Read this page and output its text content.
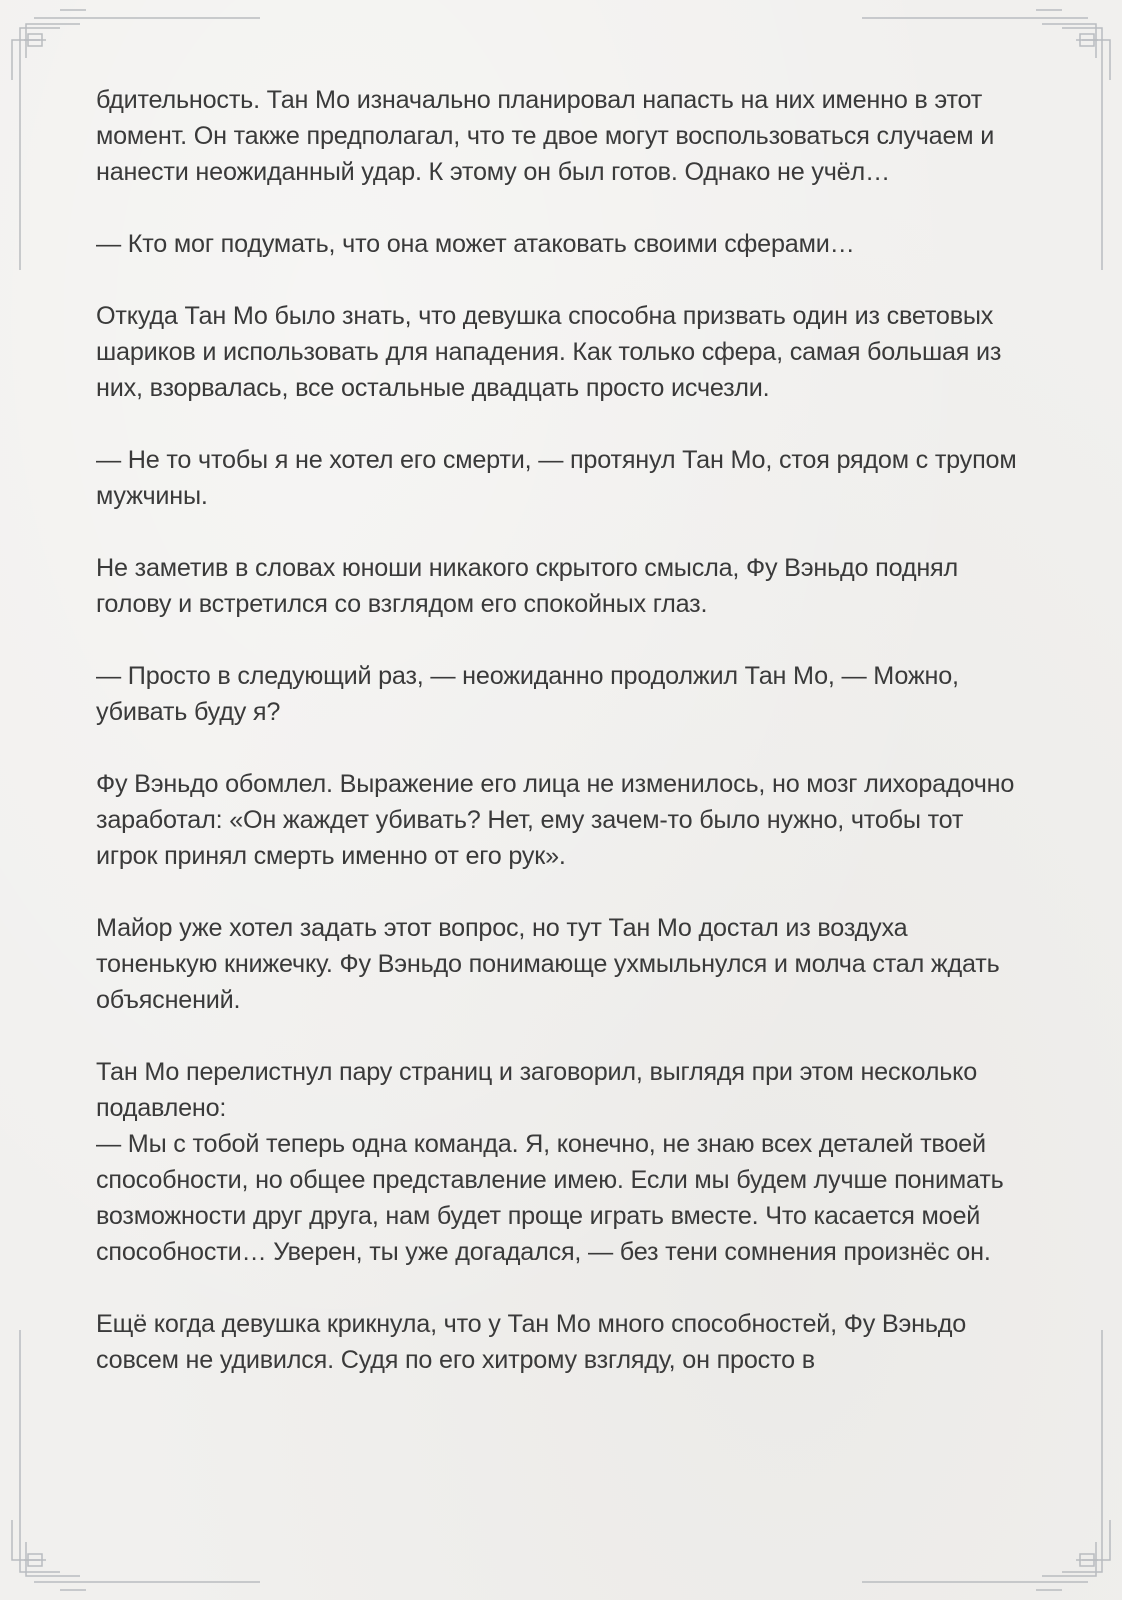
бдительность. Тан Мо изначально планировал напасть на них именно в этот момент. Он также предполагал, что те двое могут воспользоваться случаем и нанести неожиданный удар. К этому он был готов. Однако не учёл…

— Кто мог подумать, что она может атаковать своими сферами…

Откуда Тан Мо было знать, что девушка способна призвать один из световых шариков и использовать для нападения. Как только сфера, самая большая из них, взорвалась, все остальные двадцать просто исчезли.

— Не то чтобы я не хотел его смерти, — протянул Тан Мо, стоя рядом с трупом мужчины.

Не заметив в словах юноши никакого скрытого смысла, Фу Вэньдо поднял голову и встретился со взглядом его спокойных глаз.

— Просто в следующий раз, — неожиданно продолжил Тан Мо, — Можно, убивать буду я?

Фу Вэньдо обомлел. Выражение его лица не изменилось, но мозг лихорадочно заработал: «Он жаждет убивать? Нет, ему зачем-то было нужно, чтобы тот игрок принял смерть именно от его рук».

Майор уже хотел задать этот вопрос, но тут Тан Мо достал из воздуха тоненькую книжечку. Фу Вэньдо понимающе ухмыльнулся и молча стал ждать объяснений.

Тан Мо перелистнул пару страниц и заговорил, выглядя при этом несколько подавлено:

— Мы с тобой теперь одна команда. Я, конечно, не знаю всех деталей твоей способности, но общее представление имею. Если мы будем лучше понимать возможности друг друга, нам будет проще играть вместе. Что касается моей способности… Уверен, ты уже догадался, — без тени сомнения произнёс он.

Ещё когда девушка крикнула, что у Тан Мо много способностей, Фу Вэньдо совсем не удивился. Судя по его хитрому взгляду, он просто в
